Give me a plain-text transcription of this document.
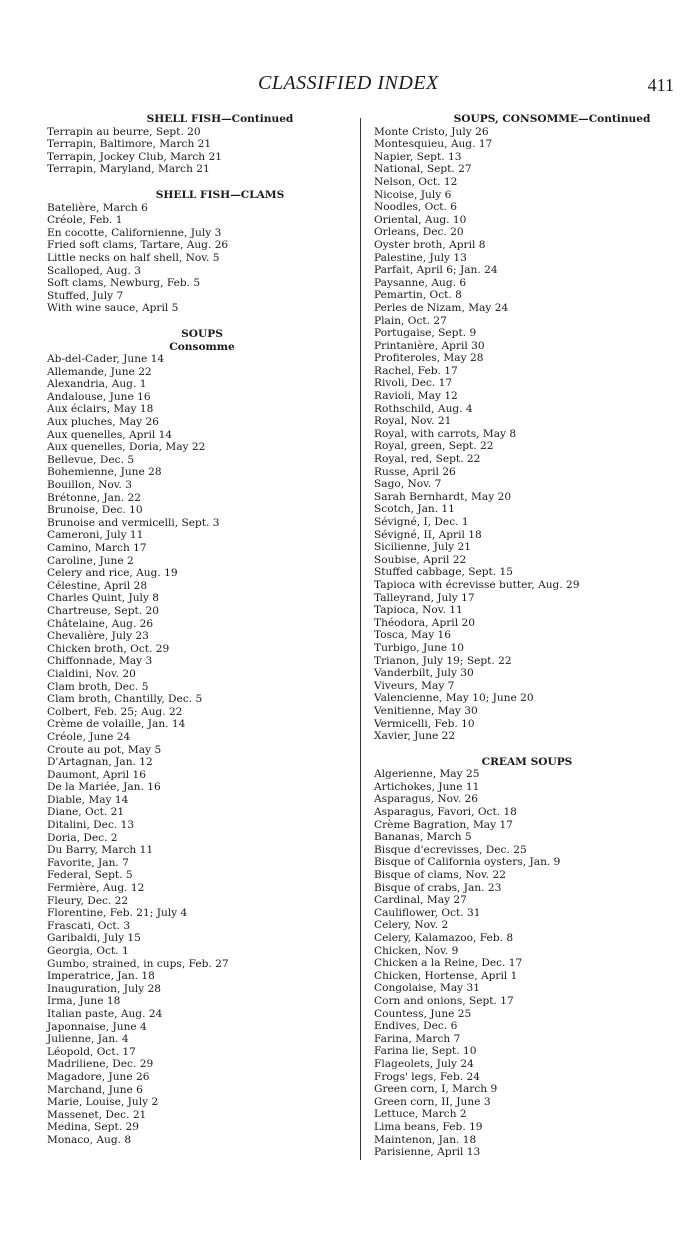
CLASSIFIED INDEX	411
SHELL FISH—Continued
Terrapin au beurre, Sept. 20
Terrapin, Baltimore, March 21
Terrapin, Jockey Club, March 21
Terrapin, Maryland, March 21
SHELL FISH—CLAMS
Batelière, March 6
Créole, Feb. 1
En cocotte, Californienne, July 3
Fried soft clams, Tartare, Aug. 26
Little necks on half shell, Nov. 5
Scalloped, Aug. 3
Soft clams, Newburg, Feb. 5
Stuffed, July 7
With wine sauce, April 5
SOUPS
Consomme
Ab-del-Cader, June 14
Allemande, June 22
Alexandria, Aug. 1
Andalouse, June 16
Aux éclairs, May 18
Aux pluches, May 26
Aux quenelles, April 14
Aux quenelles, Doria, May 22
Bellevue, Dec. 5
Bohemienne, June 28
Bouillon, Nov. 3
Brétonne, Jan. 22
Brunoise, Dec. 10
Brunoise and vermicelli, Sept. 3
Cameroni, July 11
Camino, March 17
Caroline, June 2
Celery and rice, Aug. 19
Célestine, April 28
Charles Quint, July 8
Chartreuse, Sept. 20
Châtelaine, Aug. 26
Chevalière, July 23
Chicken broth, Oct. 29
Chiffonnade, May 3
Cialdini, Nov. 20
Clam broth, Dec. 5
Clam broth, Chantilly, Dec. 5
Colbert, Feb. 25; Aug. 22
Crème de volaille, Jan. 14
Créole, June 24
Croute au pot, May 5
D'Artagnan, Jan. 12
Daumont, April 16
De la Mariée, Jan. 16
Diable, May 14
Diane, Oct. 21
Ditalini, Dec. 13
Doria, Dec. 2
Du Barry, March 11
Favorite, Jan. 7
Federal, Sept. 5
Fermière, Aug. 12
Fleury, Dec. 22
Florentine, Feb. 21; July 4
Frascati, Oct. 3
Garibaldi, July 15
Georgia, Oct. 1
Gumbo, strained, in cups, Feb. 27
Imperatrice, Jan. 18
Inauguration, July 28
Irma, June 18
Italian paste, Aug. 24
Japonnaise, June 4
Julienne, Jan. 4
Léopold, Oct. 17
Madriliene, Dec. 29
Magadore, June 26
Marchand, June 6
Marie, Louise, July 2
Massenet, Dec. 21
Medina, Sept. 29
Monaco, Aug. 8
SOUPS, CONSOMME—Continued
Monte Cristo, July 26
Montesquieu, Aug. 17
Napier, Sept. 13
National, Sept. 27
Nelson, Oct. 12
Nicoise, July 6
Noodles, Oct. 6
Oriental, Aug. 10
Orleans, Dec. 20
Oyster broth, April 8
Palestine, July 13
Parfait, April 6; Jan. 24
Paysanne, Aug. 6
Pemartin, Oct. 8
Perles de Nizam, May 24
Plain, Oct. 27
Portugaise, Sept. 9
Printanière, April 30
Profiteroles, May 28
Rachel, Feb. 17
Rivoli, Dec. 17
Ravioli, May 12
Rothschild, Aug. 4
Royal, Nov. 21
Royal, with carrots, May 8
Royal, green, Sept. 22
Royal, red, Sept. 22
Russe, April 26
Sago, Nov. 7
Sarah Bernhardt, May 20
Scotch, Jan. 11
Sévigné, I, Dec. 1
Sévigné, II, April 18
Sicilienne, July 21
Soubise, April 22
Stuffed cabbage, Sept. 15
Tapioca with écrevisse butter, Aug. 29
Talleyrand, July 17
Tapioca, Nov. 11
Théodora, April 20
Tosca, May 16
Turbigo, June 10
Trianon, July 19; Sept. 22
Vanderbilt, July 30
Viveurs, May 7
Valencienne, May 10; June 20
Venitienne, May 30
Vermicelli, Feb. 10
Xavier, June 22
CREAM SOUPS
Algerienne, May 25
Artichokes, June 11
Asparagus, Nov. 26
Asparagus, Favori, Oct. 18
Crème Bagration, May 17
Bananas, March 5
Bisque d'ecrevisses, Dec. 25
Bisque of California oysters, Jan. 9
Bisque of clams, Nov. 22
Bisque of crabs, Jan. 23
Cardinal, May 27
Cauliflower, Oct. 31
Celery, Nov. 2
Celery, Kalamazoo, Feb. 8
Chicken, Nov. 9
Chicken a la Reine, Dec. 17
Chicken, Hortense, April 1
Congolaise, May 31
Corn and onions, Sept. 17
Countess, June 25
Endives, Dec. 6
Farina, March 7
Farina lie, Sept. 10
Flageolets, July 24
Frogs' legs, Feb. 24
Green corn, I, March 9
Green corn, II, June 3
Lettuce, March 2
Lima beans, Feb. 19
Maintenon, Jan. 18
Parisienne, April 13
